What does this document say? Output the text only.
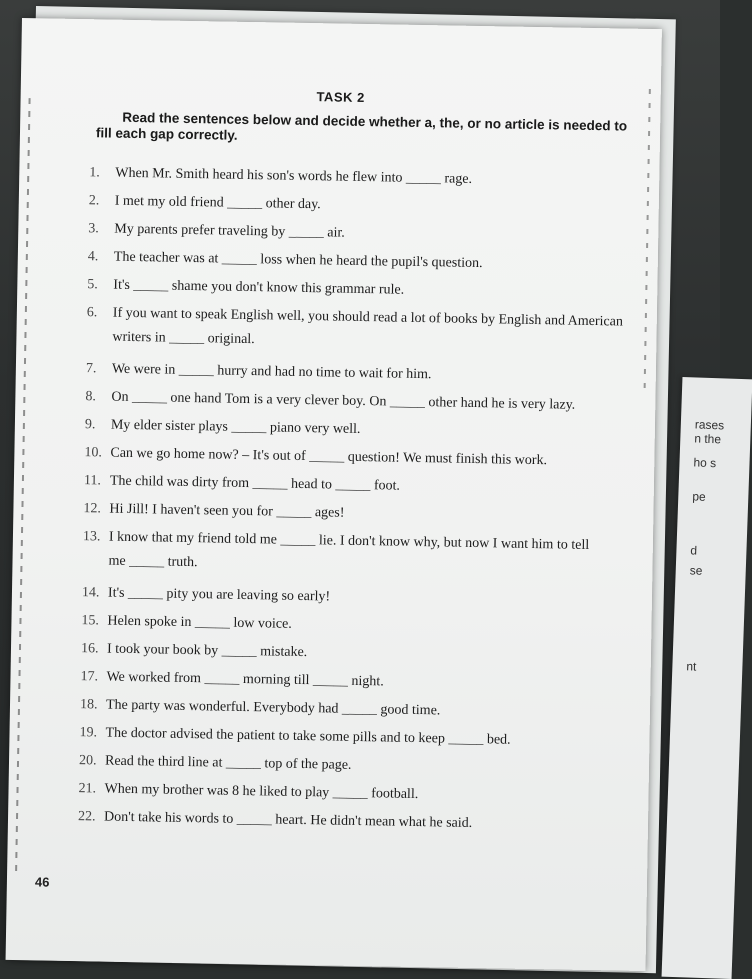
rases
n the
ho s
pe
d
se
nt
TASK 2
Read the sentences below and decide whether a, the, or no article is needed to fill each gap correctly.
1. When Mr. Smith heard his son's words he flew into _____ rage.
2. I met my old friend _____ other day.
3. My parents prefer traveling by _____ air.
4. The teacher was at _____ loss when he heard the pupil's question.
5. It's _____ shame you don't know this grammar rule.
6. If you want to speak English well, you should read a lot of books by English and American
writers in _____ original.
7. We were in _____ hurry and had no time to wait for him.
8. On _____ one hand Tom is a very clever boy. On _____ other hand he is very lazy.
9. My elder sister plays _____ piano very well.
10. Can we go home now? – It's out of _____ question! We must finish this work.
11. The child was dirty from _____ head to _____ foot.
12. Hi Jill! I haven't seen you for _____ ages!
13. I know that my friend told me _____ lie. I don't know why, but now I want him to tell
me _____ truth.
14. It's _____ pity you are leaving so early!
15. Helen spoke in _____ low voice.
16. I took your book by _____ mistake.
17. We worked from _____ morning till _____ night.
18. The party was wonderful. Everybody had _____ good time.
19. The doctor advised the patient to take some pills and to keep _____ bed.
20. Read the third line at _____ top of the page.
21. When my brother was 8 he liked to play _____ football.
22. Don't take his words to _____ heart. He didn't mean what he said.
46
